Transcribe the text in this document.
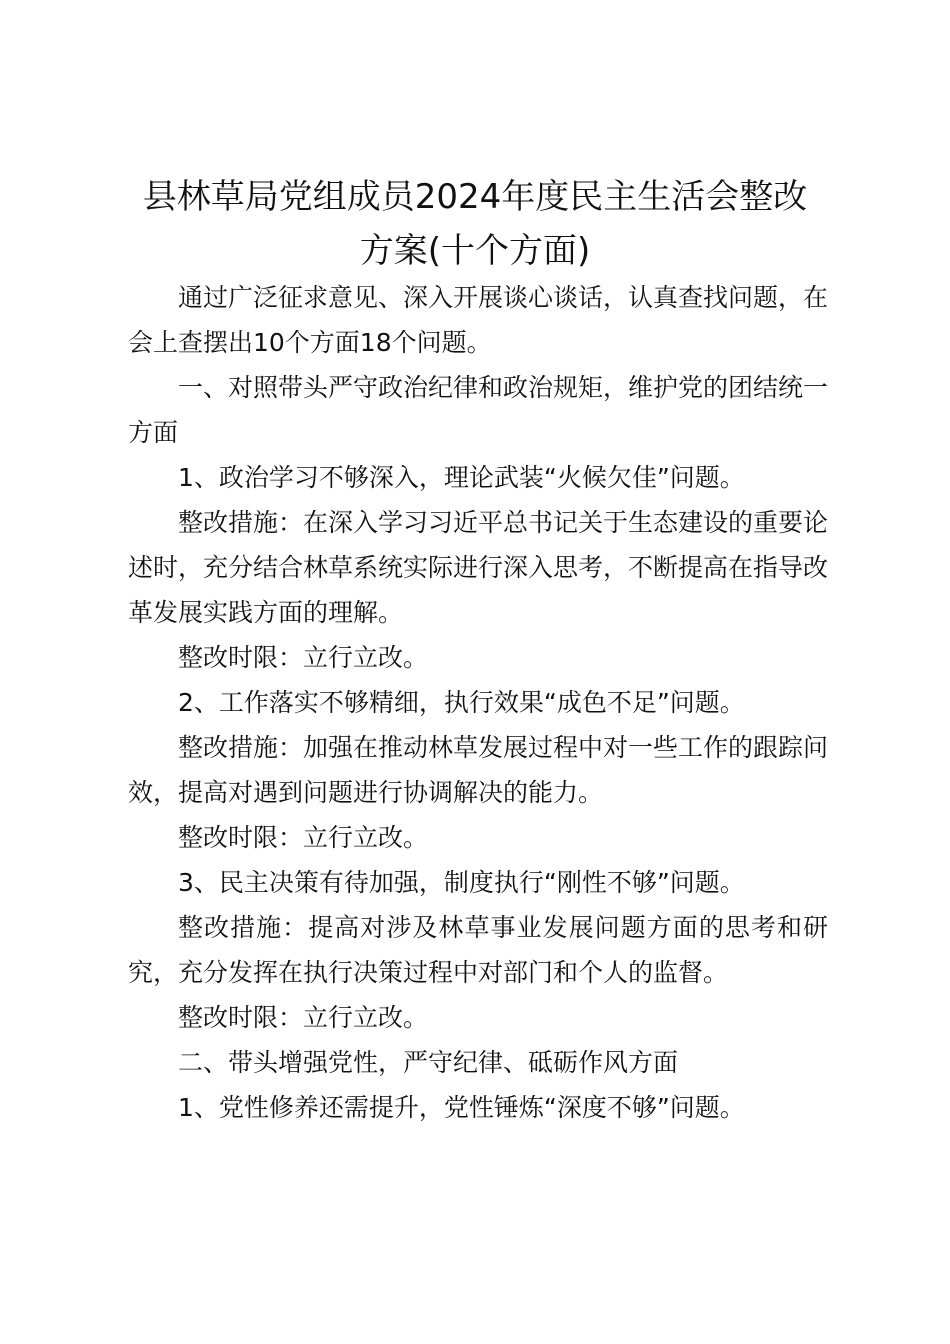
县林草局党组成员2024年度民主生活会整改
方案(十个方面)

通过广泛征求意见、深入开展谈心谈话，认真查找问题，在会上查摆出10个方面18个问题。

一、对照带头严守政治纪律和政治规矩，维护党的团结统一方面

1、政治学习不够深入，理论武装“火候欠佳”问题。

整改措施：在深入学习习近平总书记关于生态建设的重要论述时，充分结合林草系统实际进行深入思考，不断提高在指导改革发展实践方面的理解。

整改时限：立行立改。

2、工作落实不够精细，执行效果“成色不足”问题。

整改措施：加强在推动林草发展过程中对一些工作的跟踪问效，提高对遇到问题进行协调解决的能力。

整改时限：立行立改。

3、民主决策有待加强，制度执行“刚性不够”问题。

整改措施：提高对涉及林草事业发展问题方面的思考和研究，充分发挥在执行决策过程中对部门和个人的监督。

整改时限：立行立改。

二、带头增强党性，严守纪律、砥砺作风方面

1、党性修养还需提升，党性锤炼“深度不够”问题。
